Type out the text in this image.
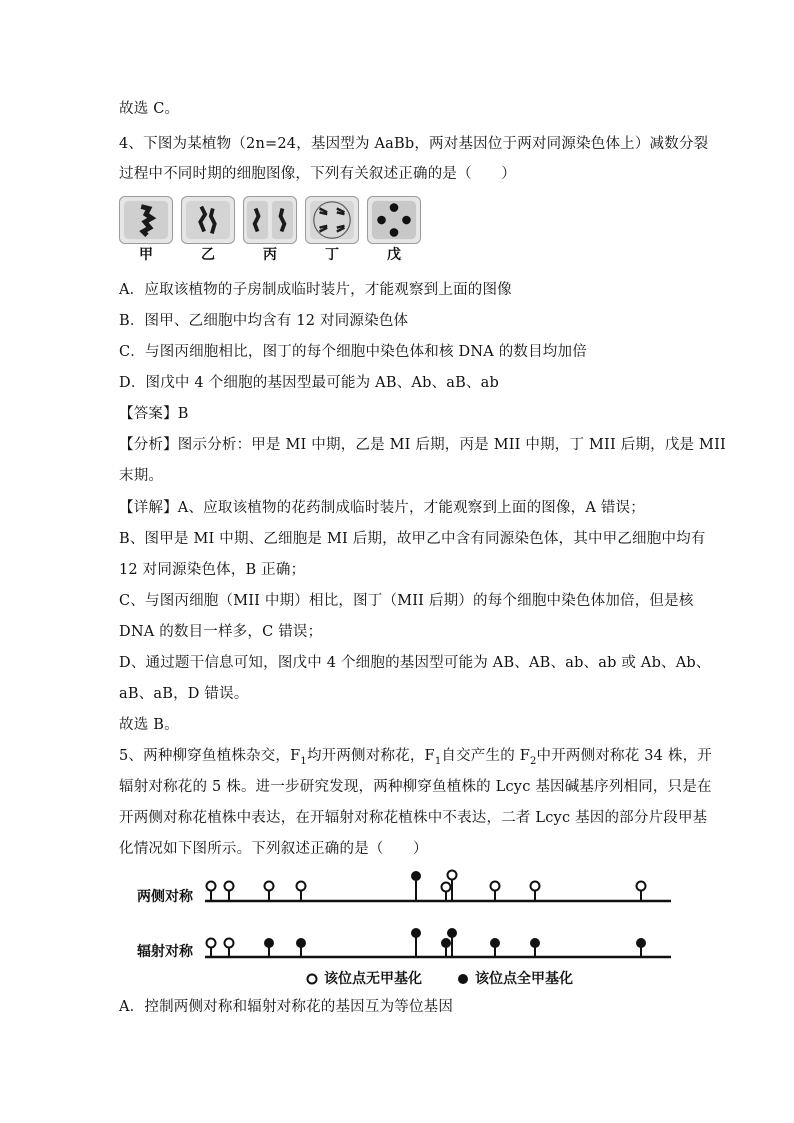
故选 C。
4、下图为某植物（2n=24，基因型为 AaBb，两对基因位于两对同源染色体上）减数分裂
过程中不同时期的细胞图像，下列有关叙述正确的是（　　）
甲	乙	丙	丁	戊
A．应取该植物的子房制成临时装片，才能观察到上面的图像
B．图甲、乙细胞中均含有 12 对同源染色体
C．与图丙细胞相比，图丁的每个细胞中染色体和核 DNA 的数目均加倍
D．图戊中 4 个细胞的基因型最可能为 AB、Ab、aB、ab
【答案】B
【分析】图示分析：甲是 MI 中期，乙是 MI 后期，丙是 MII 中期，丁 MII 后期，戊是 MII
末期。
【详解】A、应取该植物的花药制成临时装片，才能观察到上面的图像，A 错误；
B、图甲是 MI 中期、乙细胞是 MI 后期，故甲乙中含有同源染色体，其中甲乙细胞中均有
12 对同源染色体，B 正确；
C、与图丙细胞（MII 中期）相比，图丁（MII 后期）的每个细胞中染色体加倍，但是核
DNA 的数目一样多，C 错误；
D、通过题干信息可知，图戊中 4 个细胞的基因型可能为 AB、AB、ab、ab 或 Ab、Ab、
aB、aB，D 错误。
故选 B。
5、两种柳穿鱼植株杂交，$F_1$均开两侧对称花，$F_1$自交产生的 $F_2$中开两侧对称花 34 株，开
辐射对称花的 5 株。进一步研究发现，两种柳穿鱼植株的 Lcyc 基因碱基序列相同，只是在
开两侧对称花植株中表达，在开辐射对称花植株中不表达，二者 Lcyc 基因的部分片段甲基
化情况如下图所示。下列叙述正确的是（　　）
两侧对称
辐射对称
该位点无甲基化	该位点全甲基化
A．控制两侧对称和辐射对称花的基因互为等位基因
